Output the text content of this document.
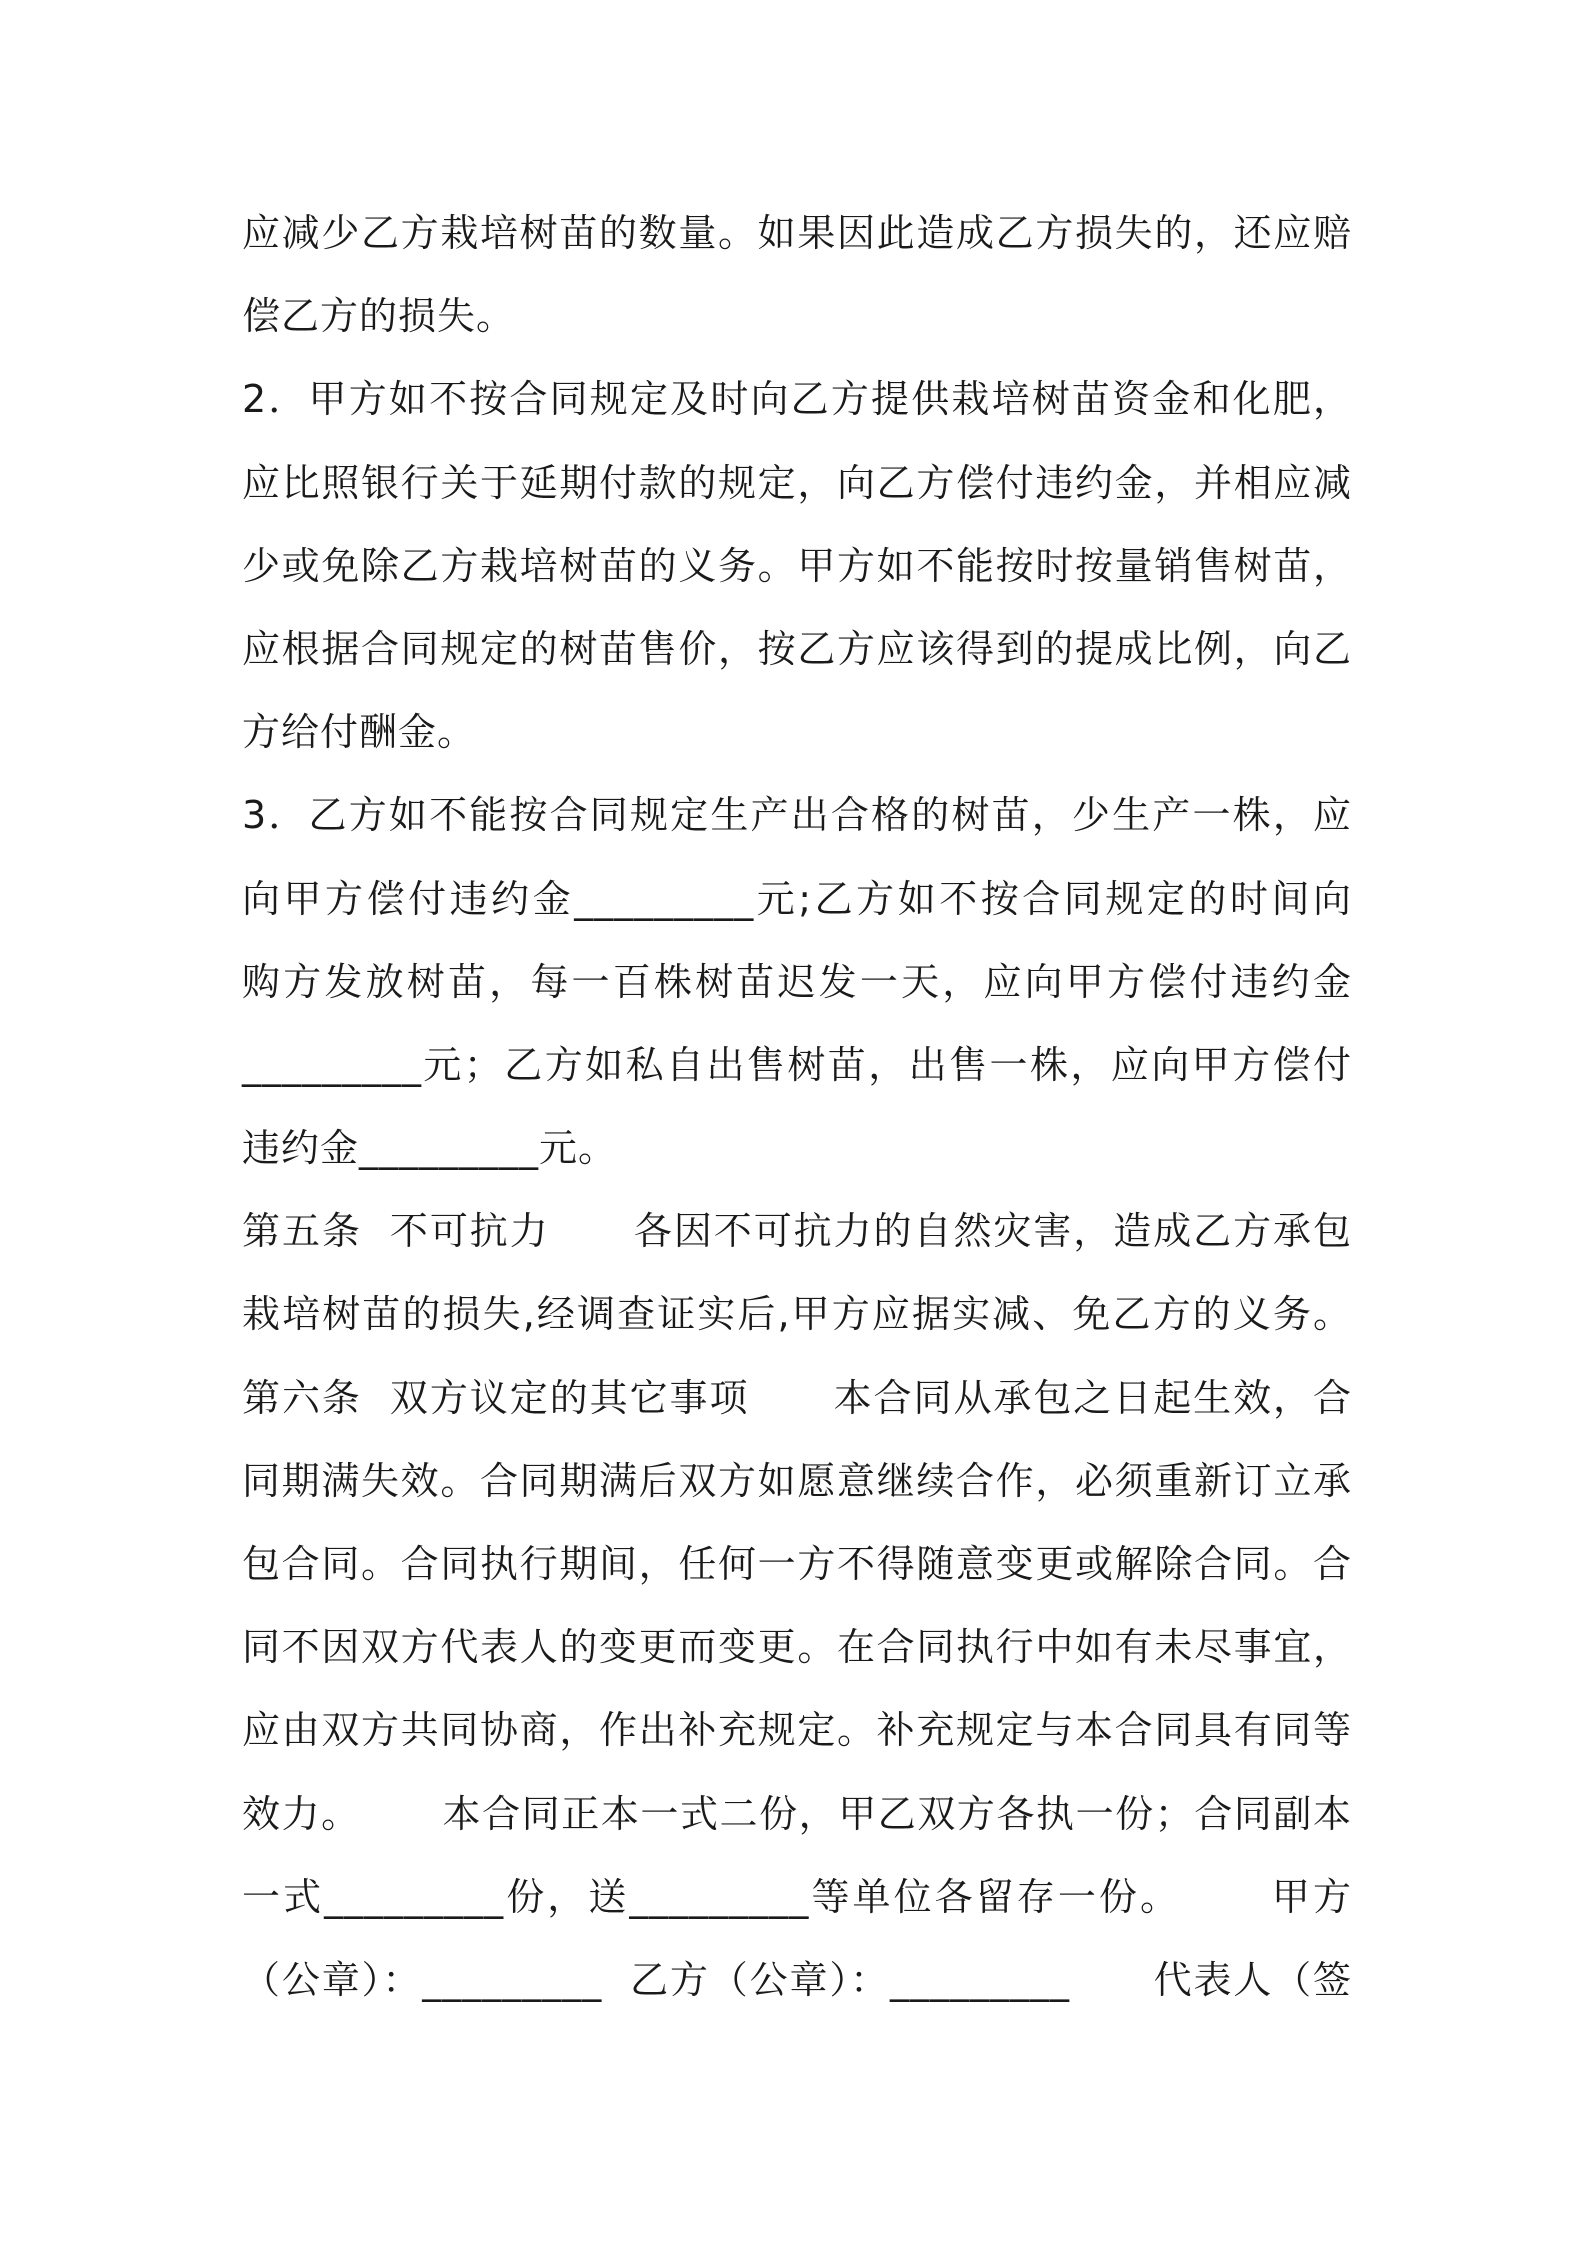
应减少乙方栽培树苗的数量。如果因此造成乙方损失的，还应赔
偿乙方的损失。
2．甲方如不按合同规定及时向乙方提供栽培树苗资金和化肥，
应比照银行关于延期付款的规定，向乙方偿付违约金，并相应减
少或免除乙方栽培树苗的义务。甲方如不能按时按量销售树苗，
应根据合同规定的树苗售价，按乙方应该得到的提成比例，向乙
方给付酬金。
3．乙方如不能按合同规定生产出合格的树苗，少生产一株，应
向甲方偿付违约金_________元;乙方如不按合同规定的时间向
购方发放树苗，每一百株树苗迟发一天，应向甲方偿付违约金
_________元；乙方如私自出售树苗，出售一株，应向甲方偿付
违约金_________元。
第五条  不可抗力      各因不可抗力的自然灾害，造成乙方承包
栽培树苗的损失,经调查证实后,甲方应据实减、免乙方的义务。
第六条  双方议定的其它事项      本合同从承包之日起生效，合
同期满失效。合同期满后双方如愿意继续合作，必须重新订立承
包合同。合同执行期间，任何一方不得随意变更或解除合同。合
同不因双方代表人的变更而变更。在合同执行中如有未尽事宜，
应由双方共同协商，作出补充规定。补充规定与本合同具有同等
效力。      本合同正本一式二份，甲乙双方各执一份；合同副本
一式_________份，送_________等单位各留存一份。      甲方
（公章）：_________  乙方（公章）：_________      代表人（签
